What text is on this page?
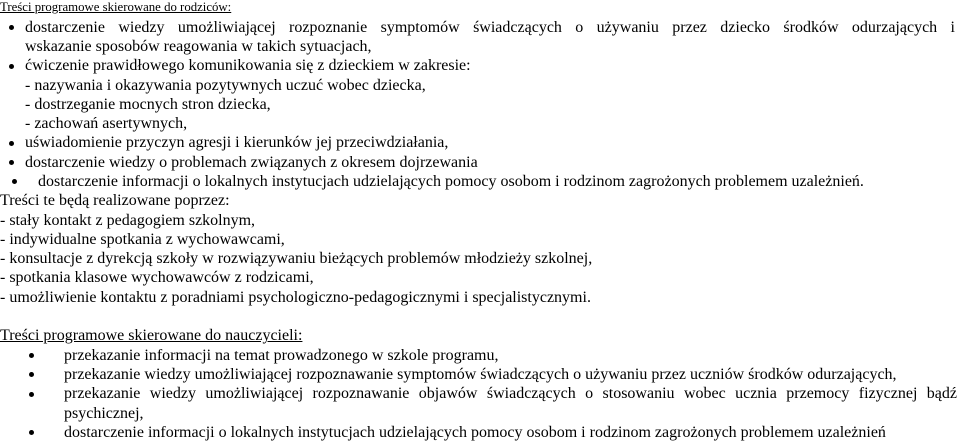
Treści programowe skierowane do rodziców:
dostarczenie wiedzy umożliwiającej rozpoznanie symptomów świadczących o używaniu przez dziecko środków odurzających i
wskazanie sposobów reagowania w takich sytuacjach,
ćwiczenie prawidłowego komunikowania się z dzieckiem w zakresie:
- nazywania i okazywania pozytywnych uczuć wobec dziecka,
- dostrzeganie mocnych stron dziecka,
- zachowań asertywnych,
uświadomienie przyczyn agresji i kierunków jej przeciwdziałania,
dostarczenie wiedzy o problemach związanych z okresem dojrzewania
dostarczenie informacji o lokalnych instytucjach udzielających pomocy osobom i rodzinom zagrożonych problemem uzależnień.
Treści te będą realizowane poprzez:
- stały kontakt z pedagogiem szkolnym,
- indywidualne spotkania z wychowawcami,
- konsultacje z dyrekcją szkoły w rozwiązywaniu bieżących problemów młodzieży szkolnej,
- spotkania klasowe wychowawców z rodzicami,
- umożliwienie kontaktu z poradniami psychologiczno-pedagogicznymi i specjalistycznymi.
Treści programowe skierowane do nauczycieli:
przekazanie informacji na temat prowadzonego w szkole programu,
przekazanie wiedzy umożliwiającej rozpoznawanie symptomów świadczących o używaniu przez uczniów środków odurzających,
przekazanie wiedzy umożliwiającej rozpoznawanie objawów świadczących o stosowaniu wobec ucznia przemocy fizycznej bądź
psychicznej,
dostarczenie informacji o lokalnych instytucjach udzielających pomocy osobom i rodzinom zagrożonych problemem uzależnień
